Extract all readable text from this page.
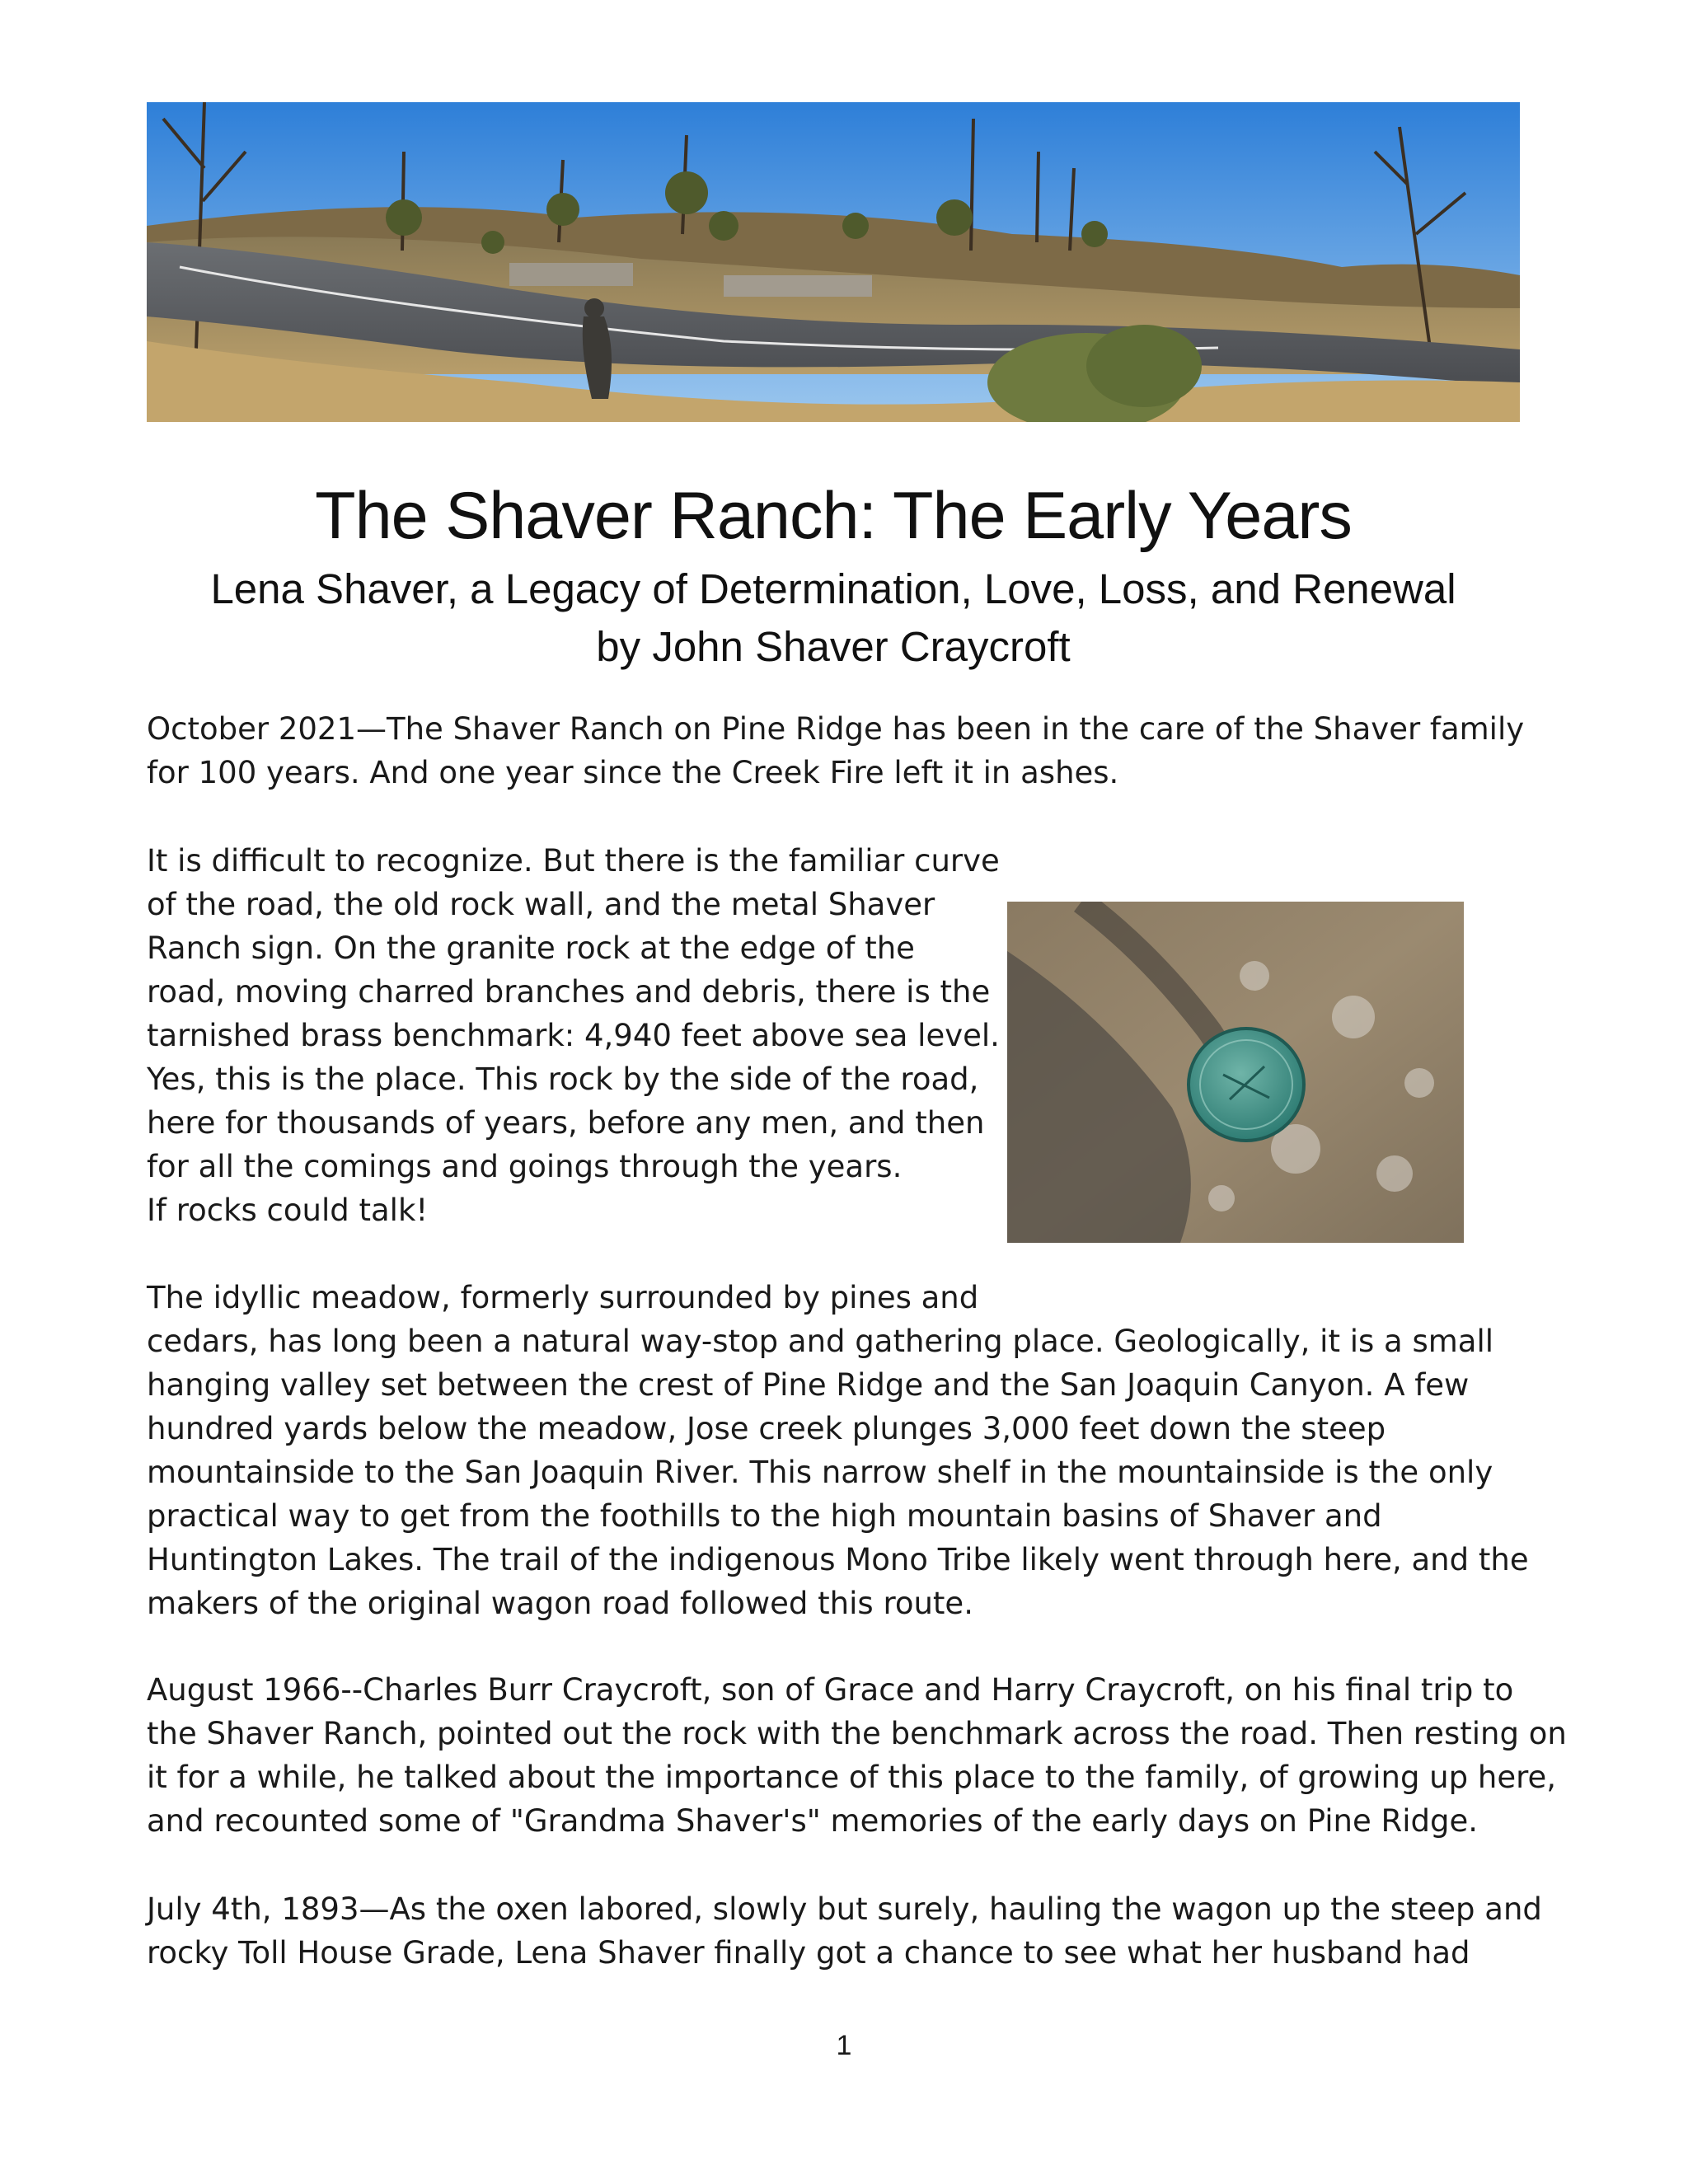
The Shaver Ranch: The Early Years
Lena Shaver, a Legacy of Determination, Love, Loss, and Renewal
by John Shaver Craycroft
October 2021—The Shaver Ranch on Pine Ridge has been in the care of the Shaver family
for 100 years. And one year since the Creek Fire left it in ashes.
It is difficult to recognize. But there is the familiar curve
of the road, the old rock wall, and the metal Shaver
Ranch sign. On the granite rock at the edge of the
road, moving charred branches and debris, there is the
tarnished brass benchmark: 4,940 feet above sea level.
Yes, this is the place. This rock by the side of the road,
here for thousands of years, before any men, and then
for all the comings and goings through the years.
If rocks could talk!
The idyllic meadow, formerly surrounded by pines and
cedars, has long been a natural way-stop and gathering place. Geologically, it is a small
hanging valley set between the crest of Pine Ridge and the San Joaquin Canyon. A few
hundred yards below the meadow, Jose creek plunges 3,000 feet down the steep
mountainside to the San Joaquin River. This narrow shelf in the mountainside is the only
practical way to get from the foothills to the high mountain basins of Shaver and
Huntington Lakes. The trail of the indigenous Mono Tribe likely went through here, and the
makers of the original wagon road followed this route.
August 1966--Charles Burr Craycroft, son of Grace and Harry Craycroft, on his final trip to
the Shaver Ranch, pointed out the rock with the benchmark across the road. Then resting on
it for a while, he talked about the importance of this place to the family, of growing up here,
and recounted some of "Grandma Shaver's" memories of the early days on Pine Ridge.
July 4th, 1893—As the oxen labored, slowly but surely, hauling the wagon up the steep and
rocky Toll House Grade, Lena Shaver finally got a chance to see what her husband had
1
